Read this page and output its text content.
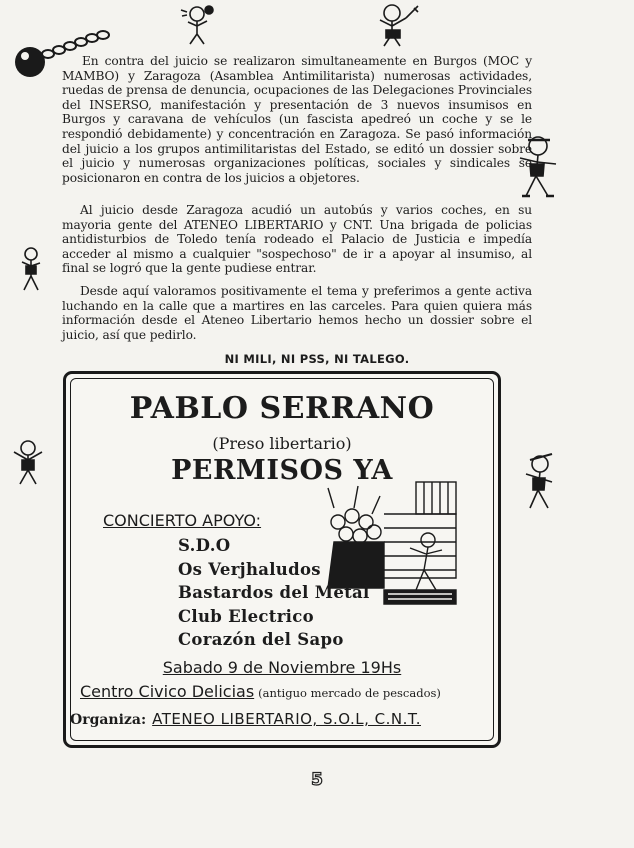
En contra del juicio se realizaron simultaneamente en Burgos (MOC y MAMBO) y Zaragoza (Asamblea Antimilitarista) numerosas actividades, ruedas de prensa de denuncia, ocupaciones de las Delegaciones Provinciales del INSERSO, manifestación y presentación de 3 nuevos insumisos en Burgos y caravana de vehículos (un fascista apedreó un coche y se le respondió debidamente) y concentración en Zaragoza. Se pasó información del juicio a los grupos antimilitaristas del Estado, se editó un dossier sobre el juicio y numerosas organizaciones políticas, sociales y sindicales se posicionaron en contra de los juicios a objetores.
Al juicio desde Zaragoza acudió un autobús y varios coches, en su mayoria gente del ATENEO LIBERTARIO y CNT. Una brigada de policias antidisturbios de Toledo tenía rodeado el Palacio de Justicia e impedía acceder al mismo a cualquier "sospechoso" de ir a apoyar al insumiso, al final se logró que la gente pudiese entrar.
Desde aquí valoramos positivamente el tema y preferimos a gente activa luchando en la calle que a martires en las carceles. Para quien quiera más información desde el Ateneo Libertario hemos hecho un dossier sobre el juicio, así que pedirlo.
NI MILI, NI PSS, NI TALEGO.
PABLO SERRANO
(Preso libertario)
PERMISOS YA
CONCIERTO APOYO:
S.D.O
Os Verjhaludos
Bastardos del Metal
Club Electrico
Corazón del Sapo
Sabado 9 de Noviembre 19Hs
Centro Civico Delicias (antiguo mercado de pescados)
Organiza: ATENEO LIBERTARIO, S.O.L, C.N.T.
5
